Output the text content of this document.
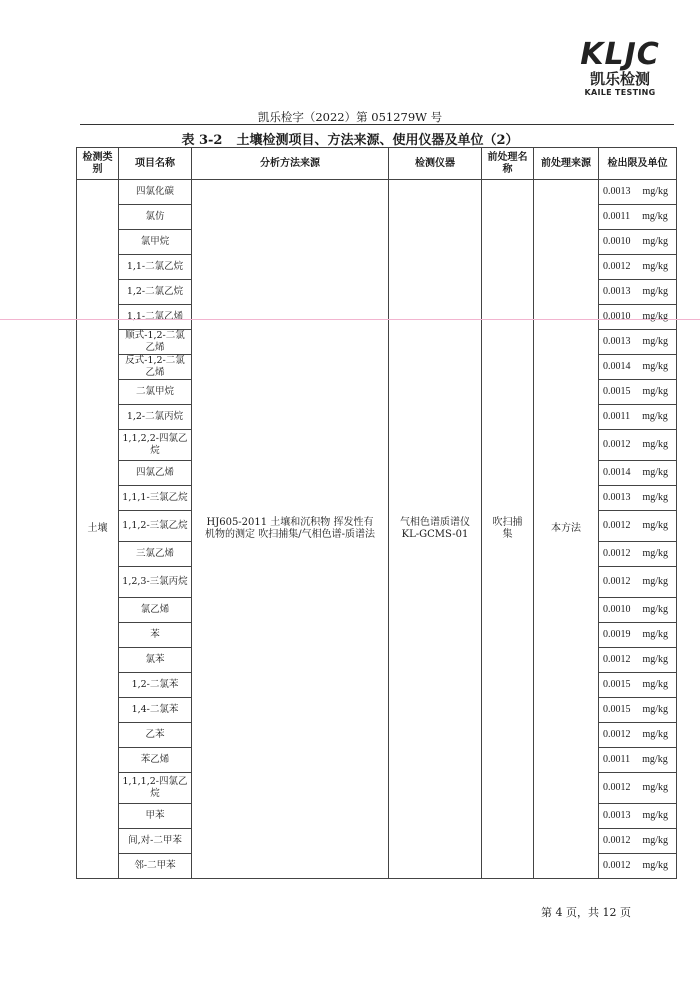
KLJC
凯乐检测
KAILE TESTING
凯乐检字（2022）第 051279W 号
表 3-2 土壤检测项目、方法来源、使用仪器及单位（2）
检测类别	项目名称	分析方法来源	检测仪器	前处理名称	前处理来源	检出限及单位
土壤	四氯化碳	HJ605-2011 土壤和沉积物 挥发性有机物的测定 吹扫捕集/气相色谱-质谱法	气相色谱质谱仪 KL-GCMS-01	吹扫捕集	本方法	0.0013 mg/kg
	氯仿					0.0011 mg/kg
	氯甲烷					0.0010 mg/kg
	1,1-二氯乙烷					0.0012 mg/kg
	1,2-二氯乙烷					0.0013 mg/kg
	1,1-二氯乙烯					0.0010 mg/kg
	顺式-1,2-二氯乙烯					0.0013 mg/kg
	反式-1,2-二氯乙烯					0.0014 mg/kg
	二氯甲烷					0.0015 mg/kg
	1,2-二氯丙烷					0.0011 mg/kg
	1,1,2,2-四氯乙烷					0.0012 mg/kg
	四氯乙烯					0.0014 mg/kg
	1,1,1-三氯乙烷					0.0013 mg/kg
	1,1,2-三氯乙烷					0.0012 mg/kg
	三氯乙烯					0.0012 mg/kg
	1,2,3-三氯丙烷					0.0012 mg/kg
	氯乙烯					0.0010 mg/kg
	苯					0.0019 mg/kg
	氯苯					0.0012 mg/kg
	1,2-二氯苯					0.0015 mg/kg
	1,4-二氯苯					0.0015 mg/kg
	乙苯					0.0012 mg/kg
	苯乙烯					0.0011 mg/kg
	1,1,1,2-四氯乙烷					0.0012 mg/kg
	甲苯					0.0013 mg/kg
	间,对-二甲苯					0.0012 mg/kg
	邻-二甲苯					0.0012 mg/kg
第 4 页，共 12 页
